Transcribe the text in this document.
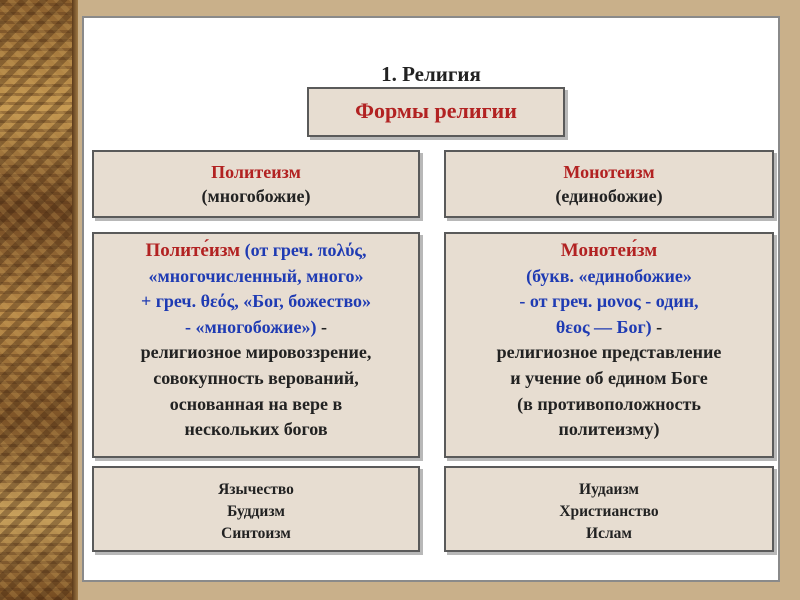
1. Религия
Формы религии
Политеизм
(многобожие)
Монотеизм
(единобожие)
Полите́изм (от греч. πολύς,
«многочисленный, много»
+ греч. θεός, «Бог, божество»
- «многобожие») -
религиозное мировоззрение,
совокупность верований,
основанная на вере в
нескольких богов
Монотеи́зм
(букв. «единобожие»
- от греч. μονος - один,
θεος — Бог) -
религиозное представление
и учение об едином Боге
(в противоположность
политеизму)
Язычество
Буддизм
Синтоизм
Иудаизм
Христианство
Ислам
